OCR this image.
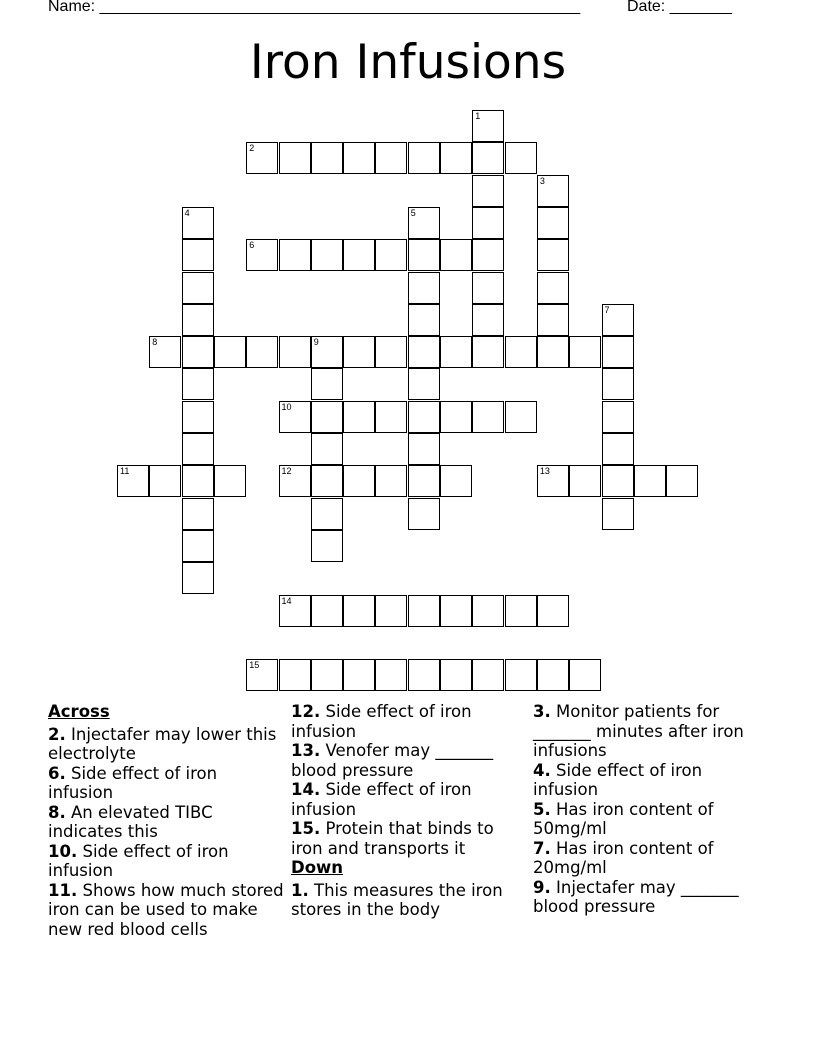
Name: ______________________________________________________	Date: _______
Iron Infusions
1
2
3
4	5
6
7
8	9
10
11	12	13
14
15

Across

2. Injectafer may lower this electrolyte

6. Side effect of iron infusion

8. An elevated TIBC indicates this

10. Side effect of iron infusion

11. Shows how much stored iron can be used to make new red blood cells

12. Side effect of iron infusion

13. Venofer may _______ blood pressure

14. Side effect of iron infusion

15. Protein that binds to iron and transports it

Down

1. This measures the iron stores in the body

3. Monitor patients for _______ minutes after iron infusions

4. Side effect of iron infusion

5. Has iron content of 50mg/ml

7. Has iron content of 20mg/ml

9. Injectafer may _______ blood pressure
